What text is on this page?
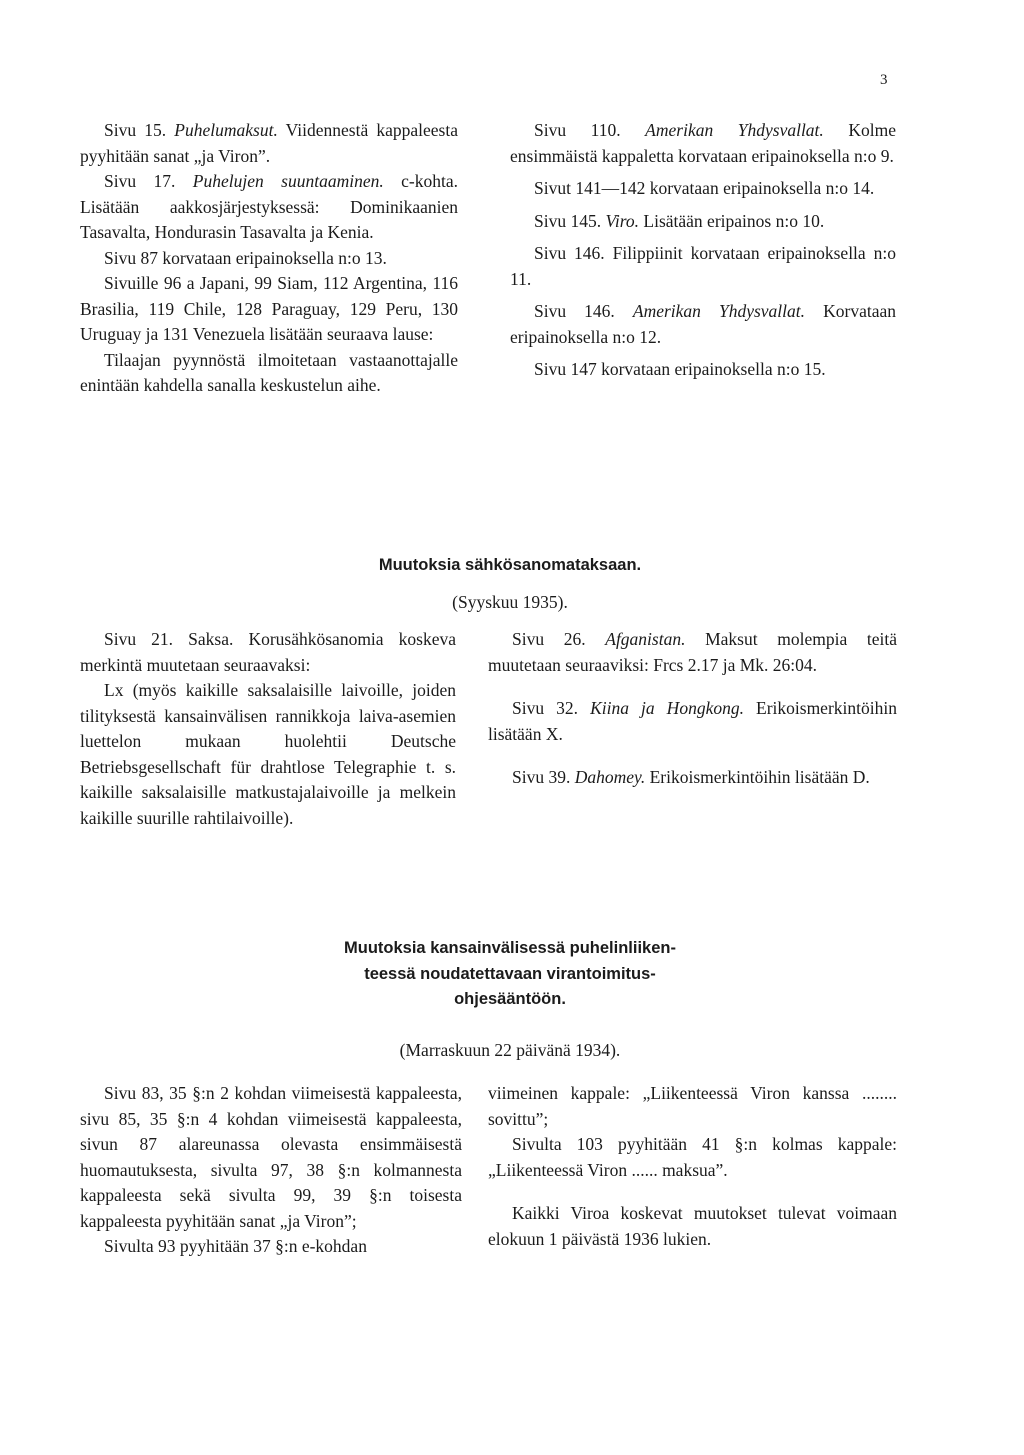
3

Sivu 15. Puhelumaksut. Viidennestä kappaleesta pyyhitään sanat „ja Viron”.

Sivu 17. Puhelujen suuntaaminen. c-kohta. Lisätään aakkosjärjestyksessä: Dominikaanien Tasavalta, Hondurasin Tasavalta ja Kenia.

Sivu 87 korvataan eripainoksella n:o 13.

Sivuille 96 a Japani, 99 Siam, 112 Argentina, 116 Brasilia, 119 Chile, 128 Paraguay, 129 Peru, 130 Uruguay ja 131 Venezuela lisätään seuraava lause:

Tilaajan pyynnöstä ilmoitetaan vastaanottajalle enintään kahdella sanalla keskustelun aihe.

Sivu 110. Amerikan Yhdysvallat. Kolme ensimmäistä kappaletta korvataan eripainoksella n:o 9.

Sivut 141—142 korvataan eripainoksella n:o 14.

Sivu 145. Viro. Lisätään eripainos n:o 10.

Sivu 146. Filippiinit korvataan eripainoksella n:o 11.

Sivu 146. Amerikan Yhdysvallat. Korvataan eripainoksella n:o 12.

Sivu 147 korvataan eripainoksella n:o 15.

Muutoksia sähkösanomataksaan.
(Syyskuu 1935).

Sivu 21. Saksa. Korusähkösanomia koskeva merkintä muutetaan seuraavaksi:

Lx (myös kaikille saksalaisille laivoille, joiden tilityksestä kansainvälisen rannikkoja laiva-asemien luettelon mukaan huolehtii Deutsche Betriebsgesellschaft für drahtlose Telegraphie t. s. kaikille saksalaisille matkustajalaivoille ja melkein kaikille suurille rahtilaivoille).

Sivu 26. Afganistan. Maksut molempia teitä muutetaan seuraaviksi: Frcs 2.17 ja Mk. 26:04.

Sivu 32. Kiina ja Hongkong. Erikoismerkintöihin lisätään X.

Sivu 39. Dahomey. Erikoismerkintöihin lisätään D.

Muutoksia kansainvälisessä puhelinliiken-
teessä noudatettavaan virantoimitus-
ohjesääntöön.
(Marraskuun 22 päivänä 1934).

Sivu 83, 35 §:n 2 kohdan viimeisestä kappaleesta, sivu 85, 35 §:n 4 kohdan viimeisestä kappaleesta, sivun 87 alareunassa olevasta ensimmäisestä huomautuksesta, sivulta 97, 38 §:n kolmannesta kappaleesta sekä sivulta 99, 39 §:n toisesta kappaleesta pyyhitään sanat „ja Viron”;

Sivulta 93 pyyhitään 37 §:n e-kohdan

viimeinen kappale: „Liikenteessä Viron kanssa ........ sovittu”;

Sivulta 103 pyyhitään 41 §:n kolmas kappale: „Liikenteessä Viron ...... maksua”.

Kaikki Viroa koskevat muutokset tulevat voimaan elokuun 1 päivästä 1936 lukien.
